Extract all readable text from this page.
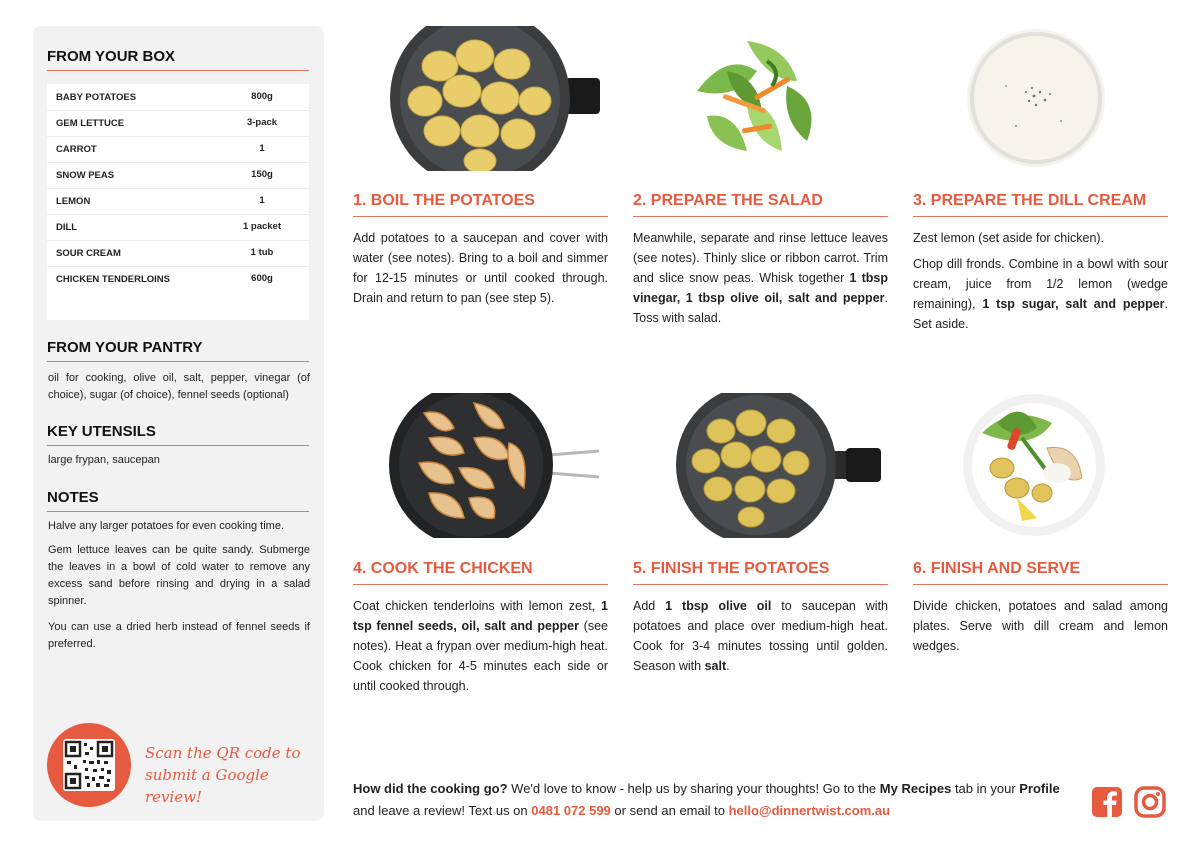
FROM YOUR BOX
BABY POTATOES	800g
GEM LETTUCE	3-pack
CARROT	1
SNOW PEAS	150g
LEMON	1
DILL	1 packet
SOUR CREAM	1 tub
CHICKEN TENDERLOINS	600g
FROM YOUR PANTRY
oil for cooking, olive oil, salt, pepper, vinegar (of choice), sugar (of choice), fennel seeds (optional)
KEY UTENSILS
large frypan, saucepan
NOTES
Halve any larger potatoes for even cooking time.
Gem lettuce leaves can be quite sandy. Submerge the leaves in a bowl of cold water to remove any excess sand before rinsing and drying in a salad spinner.
You can use a dried herb instead of fennel seeds if preferred.
Scan the QR code to
submit a Google review!
1. BOIL THE POTATOES

Add potatoes to a saucepan and cover with water (see notes). Bring to a boil and simmer for 12-15 minutes or until cooked through. Drain and return to pan (see step 5).

2. PREPARE THE SALAD

Meanwhile, separate and rinse lettuce leaves (see notes). Thinly slice or ribbon carrot. Trim and slice snow peas. Whisk together 1 tbsp vinegar, 1 tbsp olive oil, salt and pepper. Toss with salad.

3. PREPARE THE DILL CREAM

Zest lemon (set aside for chicken).

Chop dill fronds. Combine in a bowl with sour cream, juice from 1/2 lemon (wedge remaining), 1 tsp sugar, salt and pepper. Set aside.

4. COOK THE CHICKEN

Coat chicken tenderloins with lemon zest, 1 tsp fennel seeds, oil, salt and pepper (see notes). Heat a frypan over medium-high heat. Cook chicken for 4-5 minutes each side or until cooked through.

5. FINISH THE POTATOES

Add 1 tbsp olive oil to saucepan with potatoes and place over medium-high heat. Cook for 3-4 minutes tossing until golden. Season with salt.

6. FINISH AND SERVE

Divide chicken, potatoes and salad among plates. Serve with dill cream and lemon wedges.

How did the cooking go? We'd love to know - help us by sharing your thoughts! Go to the My Recipes tab in your Profile and leave a review! Text us on 0481 072 599 or send an email to hello@dinnertwist.com.au
